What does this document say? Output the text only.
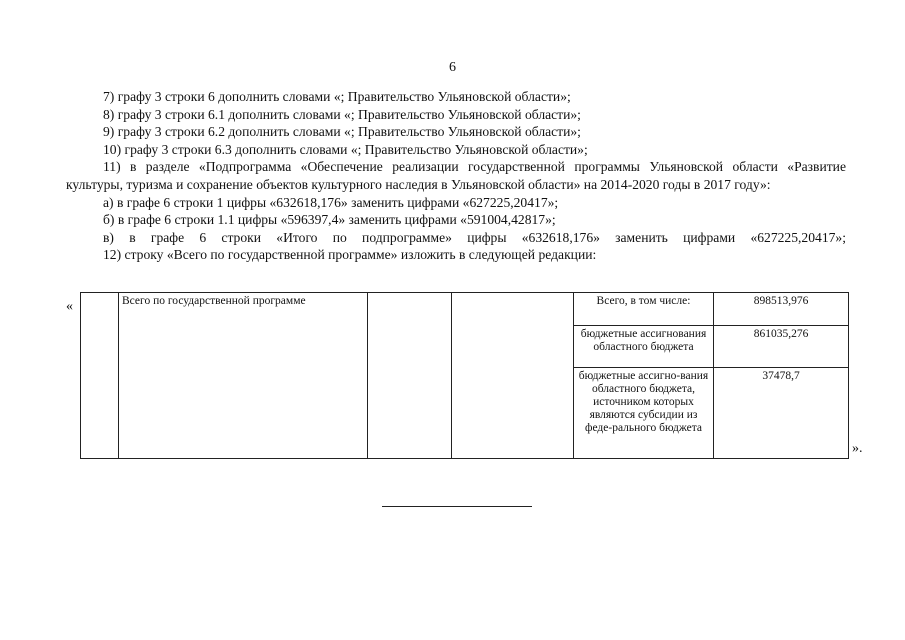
6

7) графу 3 строки 6 дополнить словами «; Правительство Ульяновской области»;

8) графу 3 строки 6.1 дополнить словами «; Правительство Ульяновской области»;

9) графу 3 строки 6.2 дополнить словами «; Правительство Ульяновской области»;

10) графу 3 строки 6.3 дополнить словами «; Правительство Ульяновской области»;

11) в разделе «Подпрограмма «Обеспечение реализации государственной программы Ульяновской области «Развитие культуры, туризма и сохранение объектов культурного наследия в Ульяновской области» на 2014-2020 годы в 2017 году»:

а) в графе 6 строки 1 цифры «632618,176» заменить цифрами «627225,20417»;

б) в графе 6 строки 1.1 цифры «596397,4» заменить цифрами «591004,42817»;

в) в графе 6 строки «Итого по подпрограмме» цифры «632618,176» заменить цифрами «627225,20417»;

12) строку «Всего по государственной программе» изложить в следующей редакции:

«
		Всего по государственной программе			Всего, в том числе:	898513,976
				бюджетные ассигнования областного бюджета	861035,276
				бюджетные ассигно-вания областного бюджета, источником которых являются субсидии из феде-рального бюджета	37478,7
».
